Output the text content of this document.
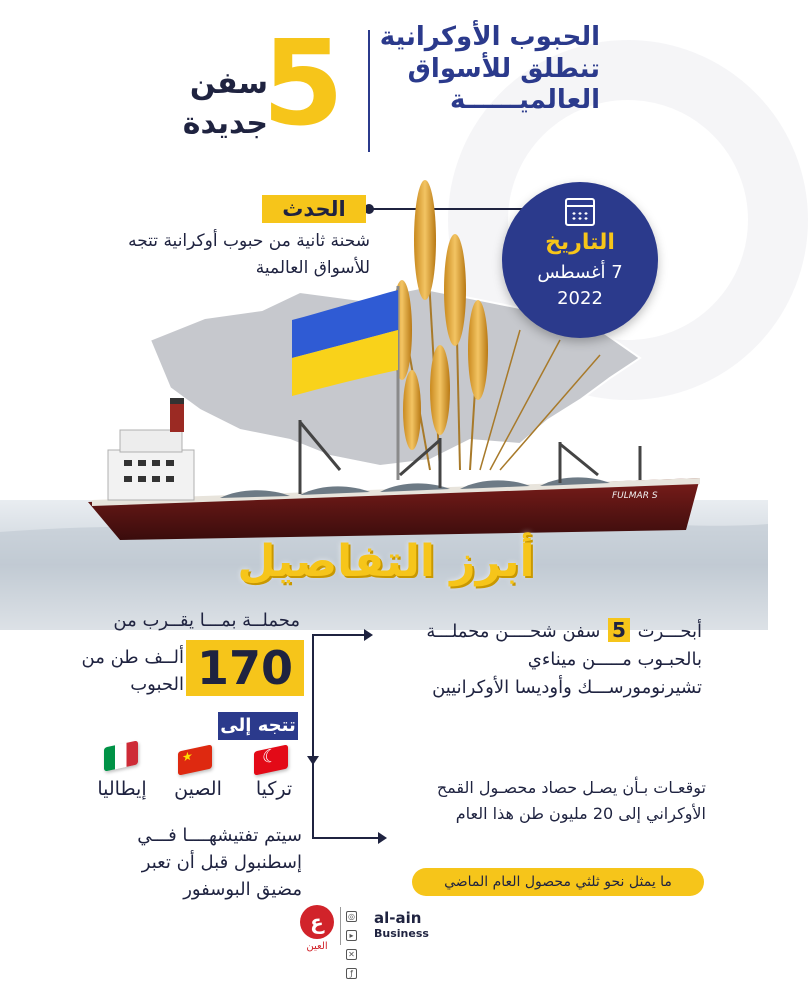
الحبوب الأوكرانية
تنطلق للأسواق
العالميــــــة
5
سفن
جديدة
الحدث
شحنة ثانية من حبوب أوكرانية تتجه للأسواق العالمية
FULMAR S
التاريخ
7 أغسطس
2022
أبرز التفاصيل
أبحـــرت 5 سفن شحــــن محملـــة بالحبـوب مـــــن ميناءي تشيرنومورســـك وأوديسا الأوكرانيين
توقعـات بـأن يصـل حصاد محصـول القمح الأوكراني إلى 20 مليون طن هذا العام
ما يمثل نحو ثلثي محصول العام الماضي
محملــة بمـــا يقــرب من
170
ألــف طن من الحبوب
تتجه إلى
☾
★
تركيا
الصين
إيطاليا
سيتم تفتيشهــــا فـــي إسطنبول قبل أن تعبر مضيق البوسفور
ع
العين
◎ ▸ ✕ ƒ
al-ain
Business
